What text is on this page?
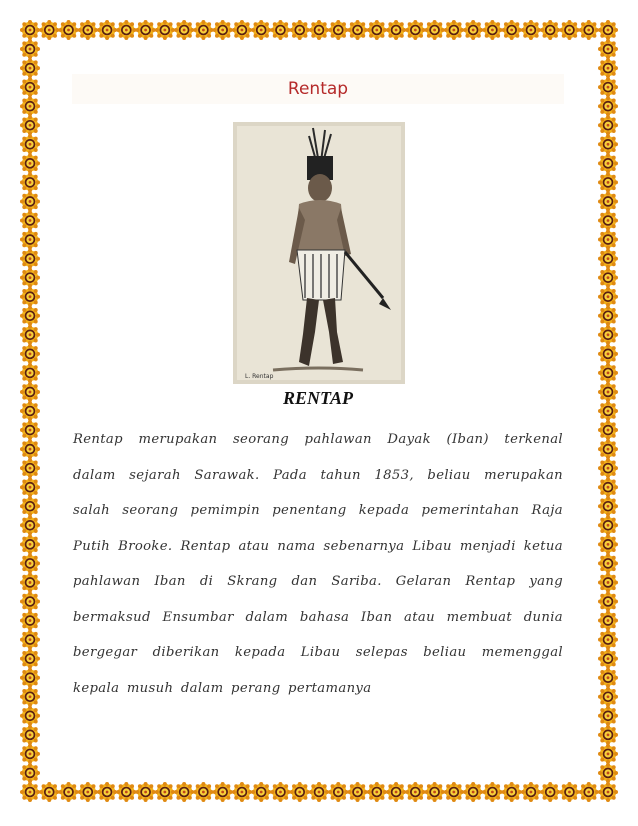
Rentap
L. Rentap
RENTAP
Rentap merupakan seorang pahlawan Dayak (Iban) terkenal dalam sejarah Sarawak. Pada tahun 1853, beliau merupakan salah seorang pemimpin penentang kepada pemerintahan Raja Putih Brooke. Rentap atau nama sebenarnya Libau menjadi ketua pahlawan Iban di Skrang dan Sariba. Gelaran Rentap yang bermaksud Ensumbar dalam bahasa Iban atau membuat dunia bergegar diberikan kepada Libau selepas beliau memenggal kepala musuh dalam perang pertamanya
